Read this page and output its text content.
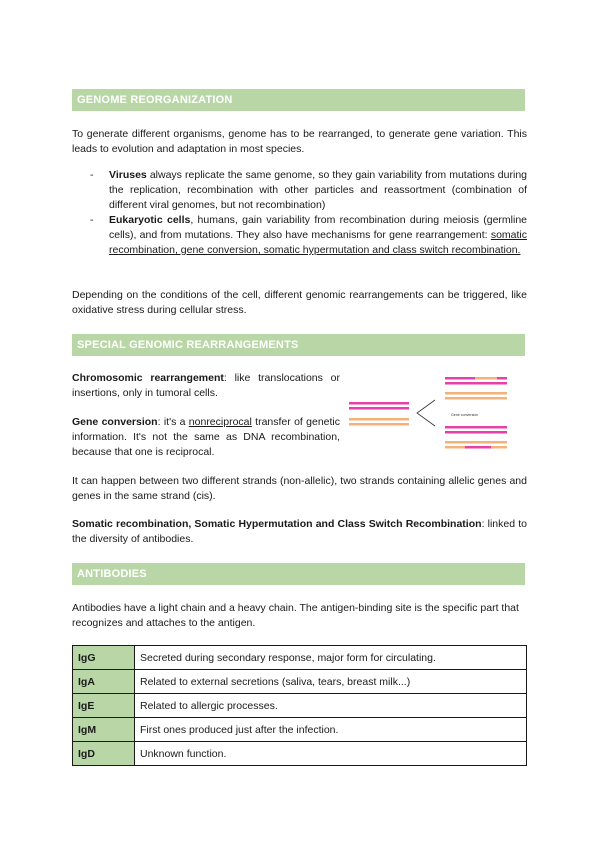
GENOME REORGANIZATION
To generate different organisms, genome has to be rearranged, to generate gene variation. This leads to evolution and adaptation in most species.
- Viruses always replicate the same genome, so they gain variability from mutations during the replication, recombination with other particles and reassortment (combination of different viral genomes, but not recombination)
- Eukaryotic cells, humans, gain variability from recombination during meiosis (germline cells), and from mutations. They also have mechanisms for gene rearrangement: somatic recombination, gene conversion, somatic hypermutation and class switch recombination.
Depending on the conditions of the cell, different genomic rearrangements can be triggered, like oxidative stress during cellular stress.
SPECIAL GENOMIC REARRANGEMENTS
Chromosomic rearrangement: like translocations or insertions, only in tumoral cells.
Gene conversion: it's a nonreciprocal transfer of genetic information. It's not the same as DNA recombination, because that one is reciprocal.
Gene conversion
It can happen between two different strands (non-allelic), two strands containing allelic genes and genes in the same strand (cis).
Somatic recombination, Somatic Hypermutation and Class Switch Recombination: linked to the diversity of antibodies.
ANTIBODIES
Antibodies have a light chain and a heavy chain. The antigen-binding site is the specific part that recognizes and attaches to the antigen.
IgG	Secreted during secondary response, major form for circulating.
IgA	Related to external secretions (saliva, tears, breast milk...)
IgE	Related to allergic processes.
IgM	First ones produced just after the infection.
IgD	Unknown function.
